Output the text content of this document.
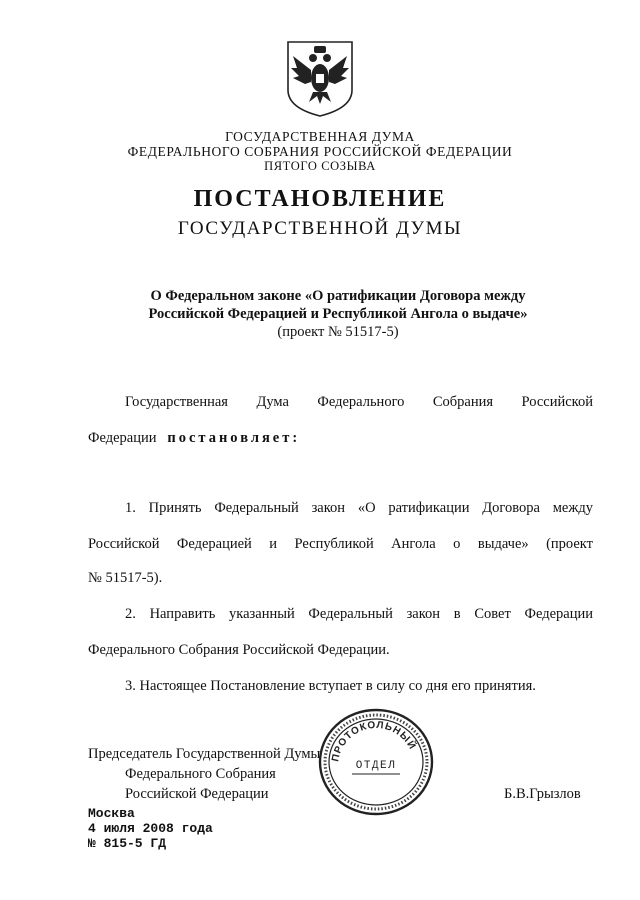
ГОСУДАРСТВЕННАЯ ДУМА
ФЕДЕРАЛЬНОГО СОБРАНИЯ РОССИЙСКОЙ ФЕДЕРАЦИИ
ПЯТОГО СОЗЫВА
ПОСТАНОВЛЕНИЕ
ГОСУДАРСТВЕННОЙ ДУМЫ
О Федеральном законе «О ратификации Договора между
Российской Федерацией и Республикой Ангола о выдаче»
(проект № 51517-5)
Государственная Дума Федерального Собрания Российской
Федерации постановляет:
1. Принять Федеральный закон «О ратификации Договора между
Российской Федерацией и Республикой Ангола о выдаче» (проект
№ 51517-5).
2. Направить указанный Федеральный закон в Совет Федерации
Федерального Собрания Российской Федерации.
3. Настоящее Постановление вступает в силу со дня его принятия.
Председатель Государственной Думы
Федерального Собрания
Российской Федерации	Б.В.Грызлов
ПРОТОКОЛЬНЫЙ
ОТДЕЛ
Москва
4 июля 2008 года
№ 815-5 ГД
